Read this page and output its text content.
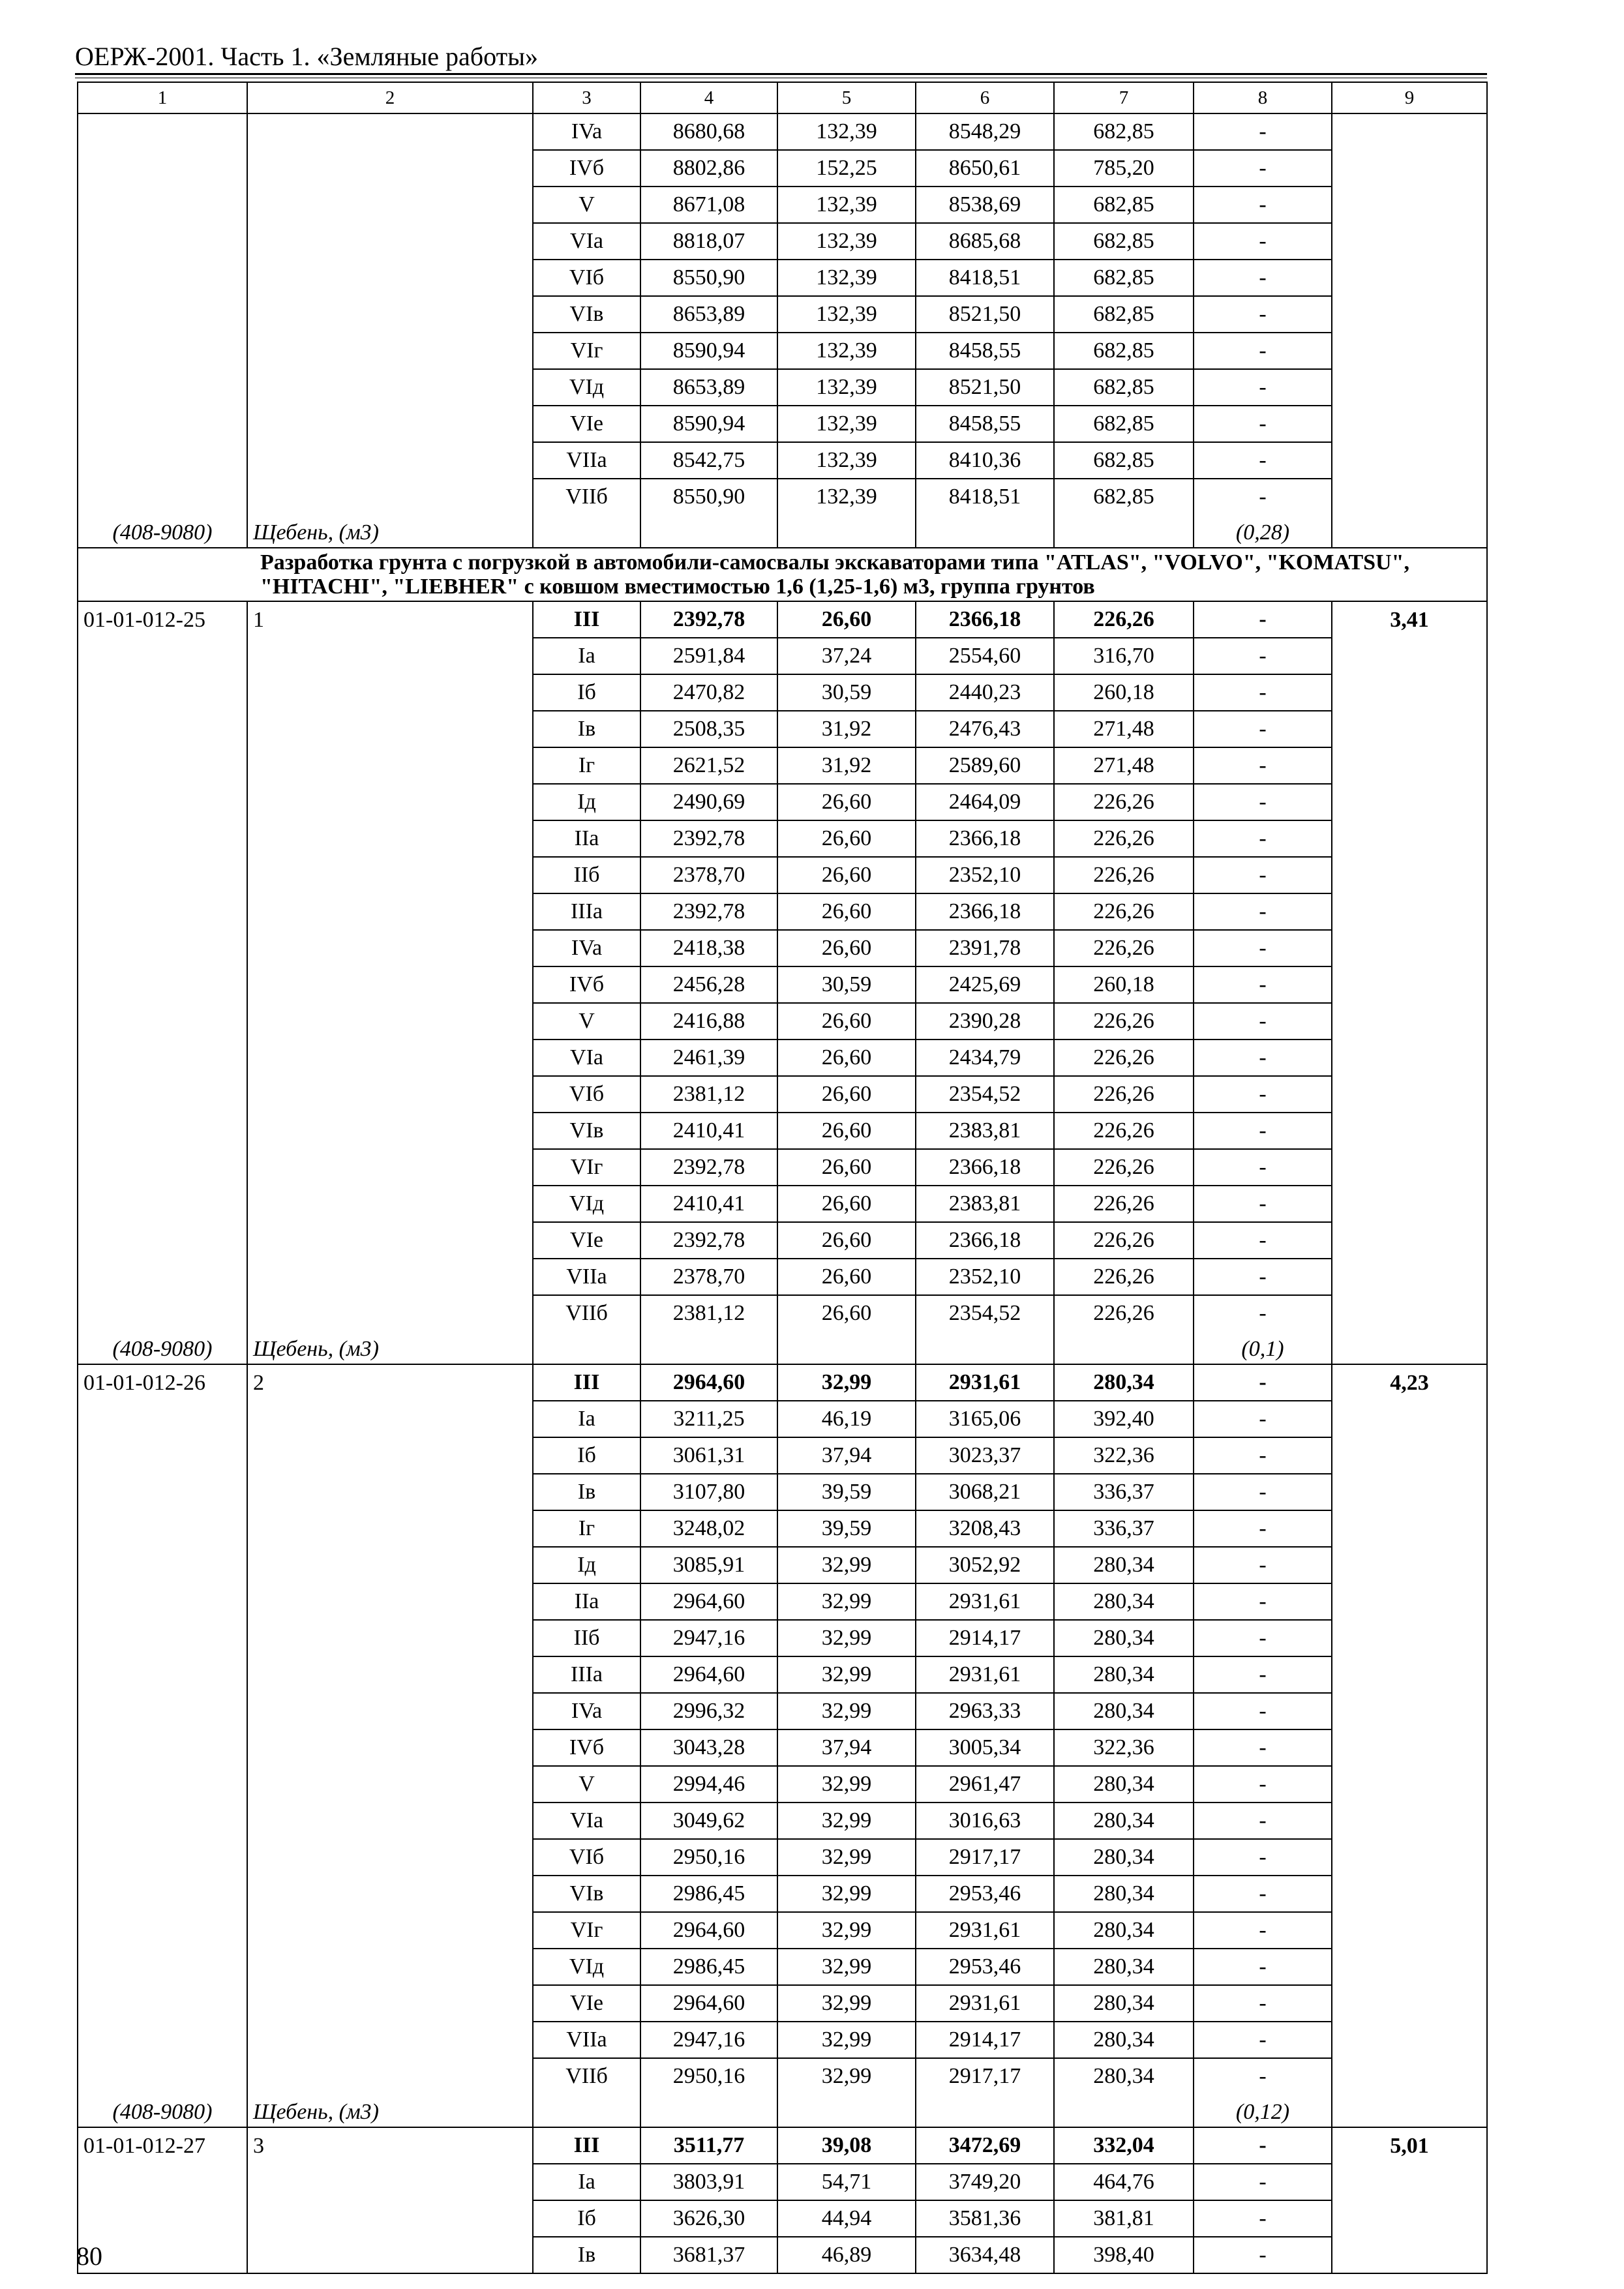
ОЕРЖ-2001. Часть 1. «Земляные работы»
1	2	3	4	5	6	7	8	9
		IVa	8680,68	132,39	8548,29	682,85	-	
		IVб	8802,86	152,25	8650,61	785,20	-	
		V	8671,08	132,39	8538,69	682,85	-	
		VIa	8818,07	132,39	8685,68	682,85	-	
		VIб	8550,90	132,39	8418,51	682,85	-	
		VIв	8653,89	132,39	8521,50	682,85	-	
		VIг	8590,94	132,39	8458,55	682,85	-	
		VIд	8653,89	132,39	8521,50	682,85	-	
		VIe	8590,94	132,39	8458,55	682,85	-	
		VIIa	8542,75	132,39	8410,36	682,85	-	
		VIIб	8550,90	132,39	8418,51	682,85	-	
(408-9080)	Щебень, (м3)						(0,28)	

Разработка грунта с погрузкой в автомобили-самосвалы экскаваторами типа "ATLAS", "VOLVO", "KOMATSU", "HITACHI", "LIEBHER" с ковшом вместимостью 1,6 (1,25-1,6) м3, группа грунтов								

01-01-012-25	1	III	2392,78	26,60	2366,18	226,26	-	3,41
		Ia	2591,84	37,24	2554,60	316,70	-	
		Iб	2470,82	30,59	2440,23	260,18	-	
		Iв	2508,35	31,92	2476,43	271,48	-	
		Iг	2621,52	31,92	2589,60	271,48	-	
		Iд	2490,69	26,60	2464,09	226,26	-	
		IIa	2392,78	26,60	2366,18	226,26	-	
		IIб	2378,70	26,60	2352,10	226,26	-	
		IIIa	2392,78	26,60	2366,18	226,26	-	
		IVa	2418,38	26,60	2391,78	226,26	-	
		IVб	2456,28	30,59	2425,69	260,18	-	
		V	2416,88	26,60	2390,28	226,26	-	
		VIa	2461,39	26,60	2434,79	226,26	-	
		VIб	2381,12	26,60	2354,52	226,26	-	
		VIв	2410,41	26,60	2383,81	226,26	-	
		VIг	2392,78	26,60	2366,18	226,26	-	
		VIд	2410,41	26,60	2383,81	226,26	-	
		VIe	2392,78	26,60	2366,18	226,26	-	
		VIIa	2378,70	26,60	2352,10	226,26	-	
		VIIб	2381,12	26,60	2354,52	226,26	-	
(408-9080)	Щебень, (м3)						(0,1)	
01-01-012-26	2	III	2964,60	32,99	2931,61	280,34	-	4,23
		Ia	3211,25	46,19	3165,06	392,40	-	
		Iб	3061,31	37,94	3023,37	322,36	-	
		Iв	3107,80	39,59	3068,21	336,37	-	
		Iг	3248,02	39,59	3208,43	336,37	-	
		Iд	3085,91	32,99	3052,92	280,34	-	
		IIa	2964,60	32,99	2931,61	280,34	-	
		IIб	2947,16	32,99	2914,17	280,34	-	
		IIIa	2964,60	32,99	2931,61	280,34	-	
		IVa	2996,32	32,99	2963,33	280,34	-	
		IVб	3043,28	37,94	3005,34	322,36	-	
		V	2994,46	32,99	2961,47	280,34	-	
		VIa	3049,62	32,99	3016,63	280,34	-	
		VIб	2950,16	32,99	2917,17	280,34	-	
		VIв	2986,45	32,99	2953,46	280,34	-	
		VIг	2964,60	32,99	2931,61	280,34	-	
		VIд	2986,45	32,99	2953,46	280,34	-	
		VIe	2964,60	32,99	2931,61	280,34	-	
		VIIa	2947,16	32,99	2914,17	280,34	-	
		VIIб	2950,16	32,99	2917,17	280,34	-	
(408-9080)	Щебень, (м3)						(0,12)	
01-01-012-27	3	III	3511,77	39,08	3472,69	332,04	-	5,01
		Ia	3803,91	54,71	3749,20	464,76	-	
		Iб	3626,30	44,94	3581,36	381,81	-	
		Iв	3681,37	46,89	3634,48	398,40	-	
80
